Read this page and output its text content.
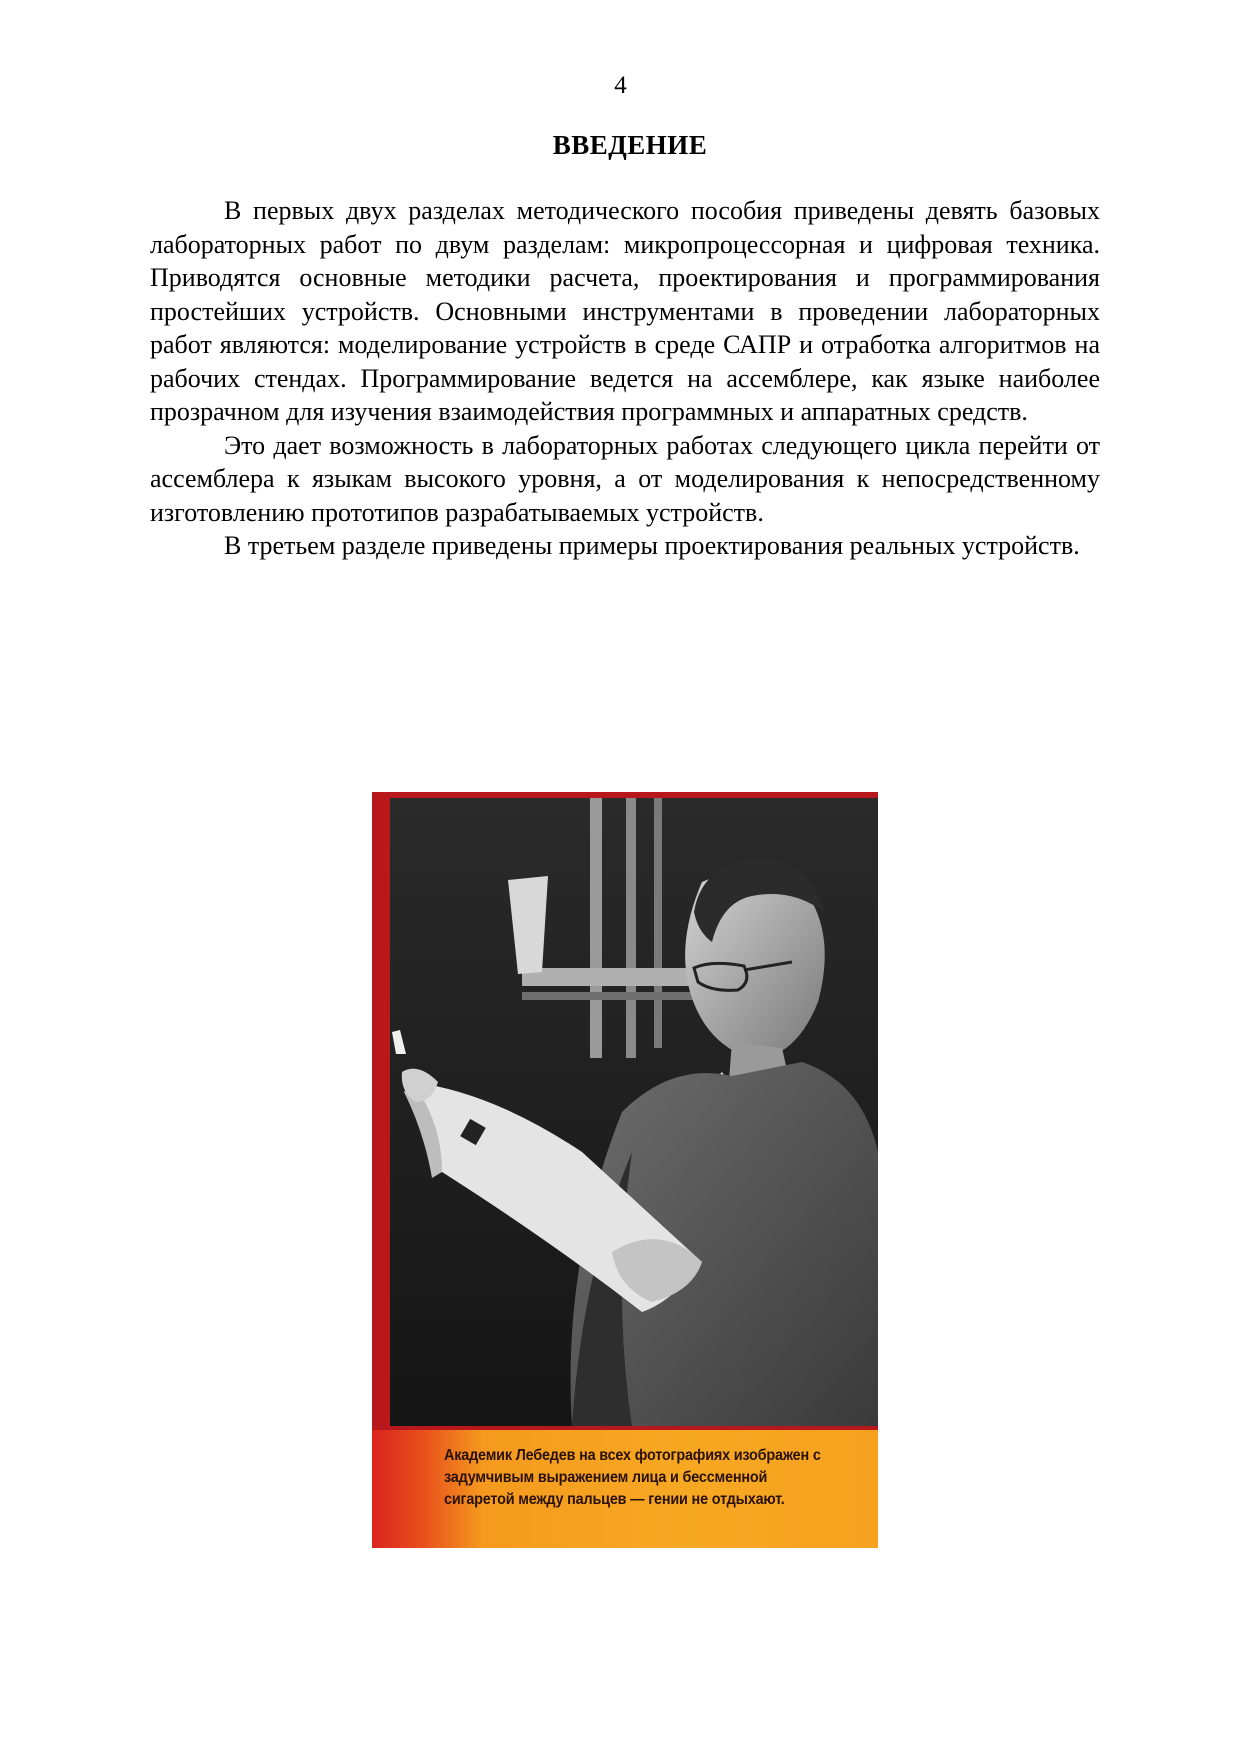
4
ВВЕДЕНИЕ

В первых двух разделах методического пособия приведены девять базовых лабораторных работ по двум разделам: микропроцессорная и цифровая техника. Приводятся основные методики расчета, проектирования и программирования простейших устройств. Основными инструментами в проведении лабораторных работ являются: моделирование устройств в среде САПР и отработка алгоритмов на рабочих стендах. Программирование ведется на ассемблере, как языке наиболее прозрачном для изучения взаимодействия программных и аппаратных средств.

Это дает возможность в лабораторных работах следующего цикла перейти от ассемблера к языкам высокого уровня, а от моделирования к непосредственному изготовлению прототипов разрабатываемых устройств.

В третьем разделе приведены примеры проектирования реальных устройств.

Академик Лебедев на всех фотографиях изображен с задумчивым выражением лица и бессменной сигаретой между пальцев — гении не отдыхают.
